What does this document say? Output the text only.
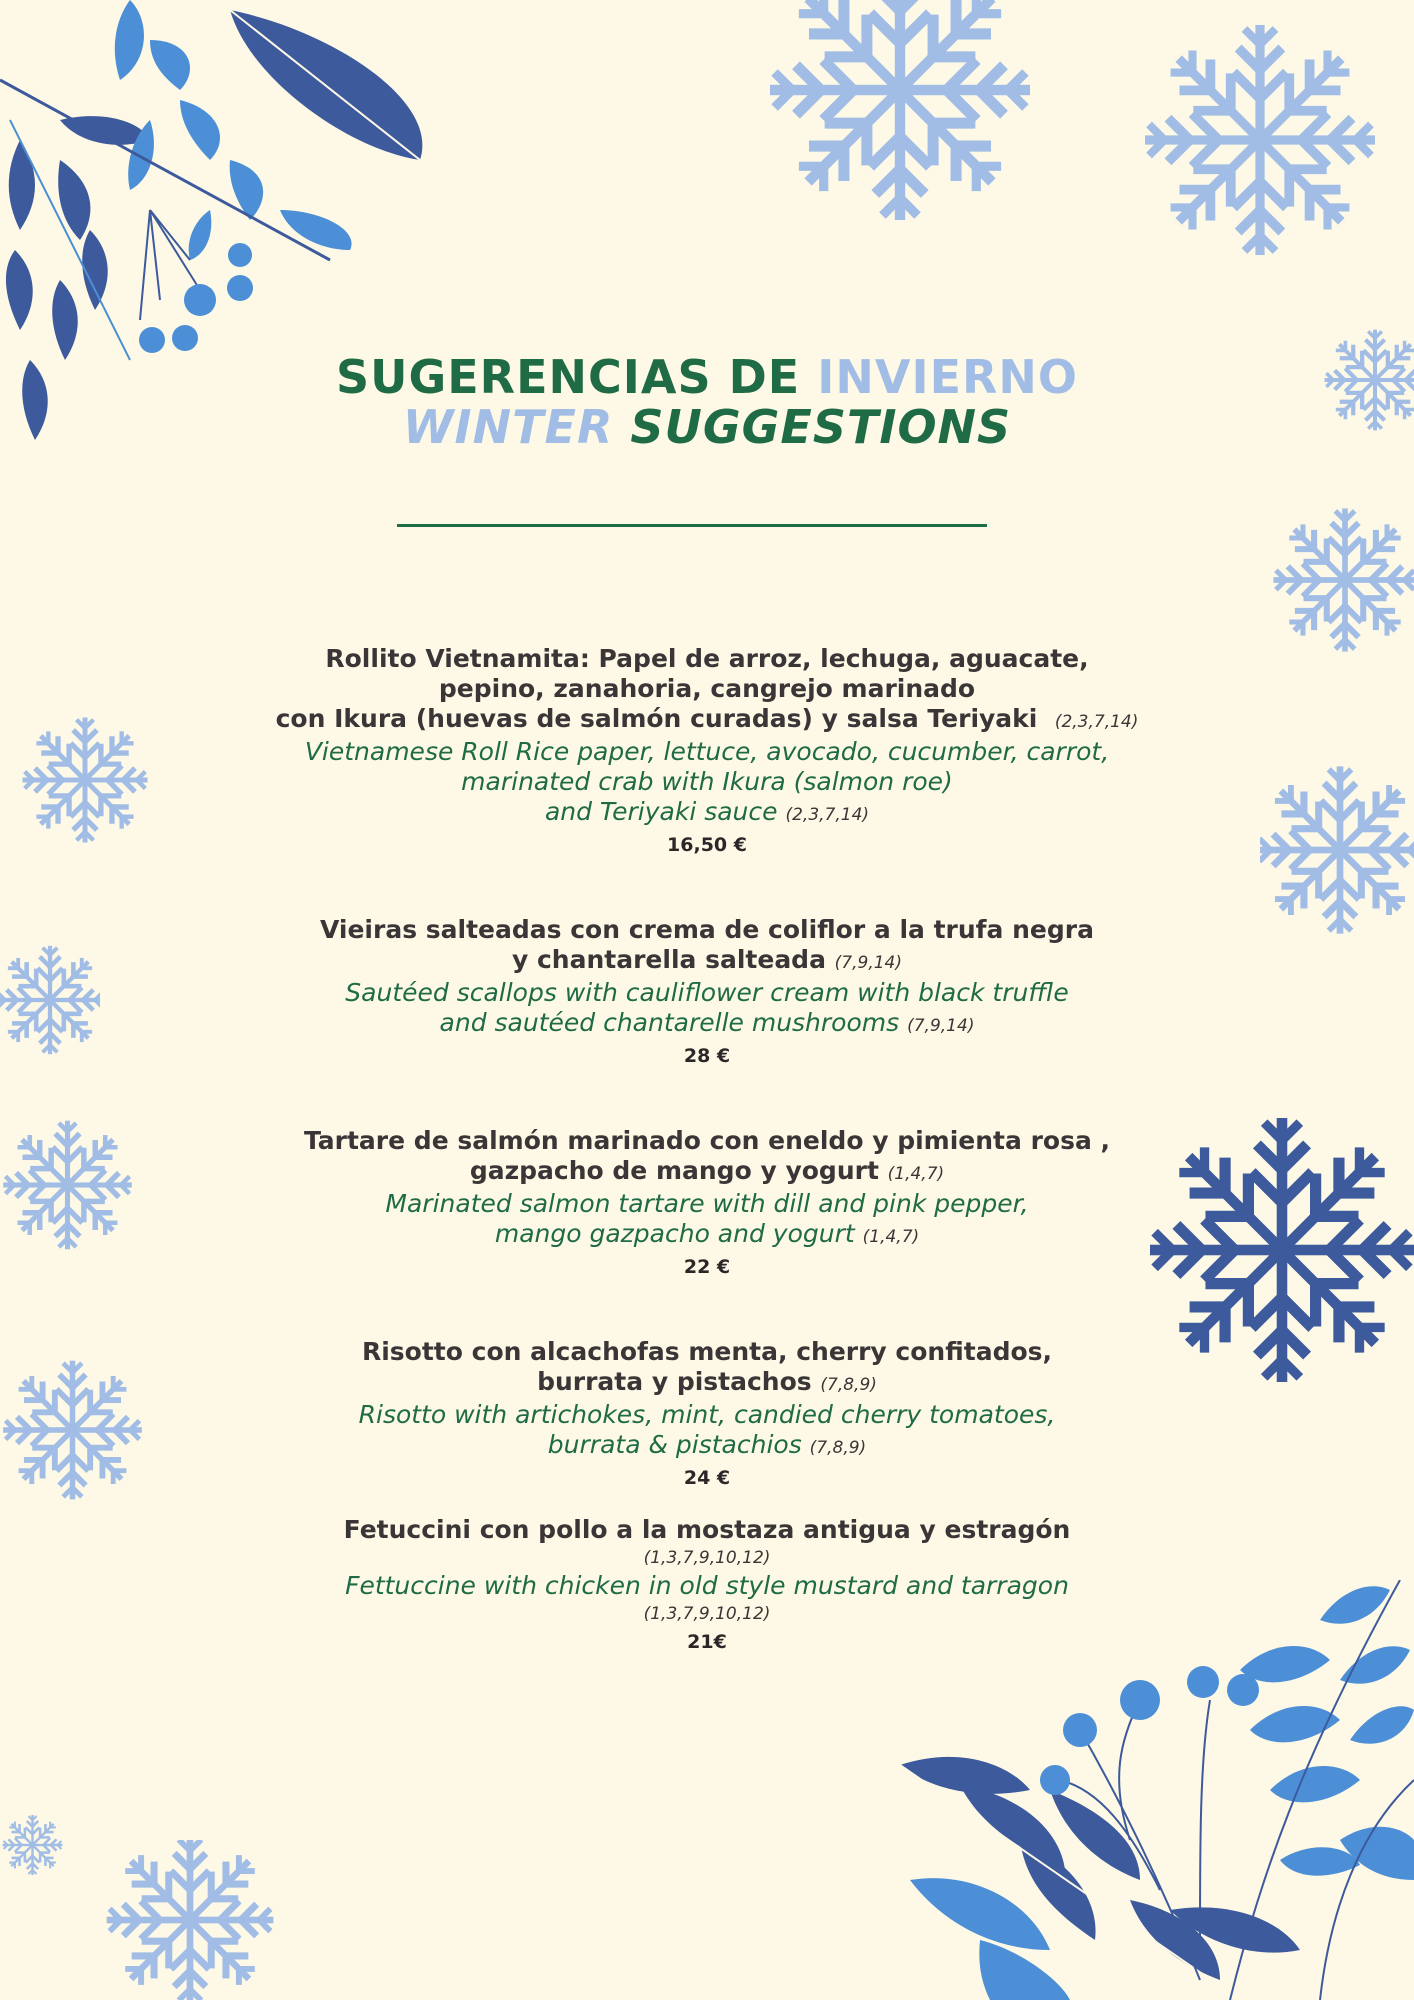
SUGERENCIAS DE INVIERNO
WINTER SUGGESTIONS
Rollito Vietnamita: Papel de arroz, lechuga, aguacate,
pepino, zanahoria, cangrejo marinado
con Ikura (huevas de salmón curadas) y salsa Teriyaki (2,3,7,14)
Vietnamese Roll Rice paper, lettuce, avocado, cucumber, carrot,
marinated crab with Ikura (salmon roe)
and Teriyaki sauce (2,3,7,14)
16,50 €
Vieiras salteadas con crema de coliflor a la trufa negra
y chantarella salteada (7,9,14)
Sautéed scallops with cauliflower cream with black truffle
and sautéed chantarelle mushrooms (7,9,14)
28 €
Tartare de salmón marinado con eneldo y pimienta rosa ,
gazpacho de mango y yogurt (1,4,7)
Marinated salmon tartare with dill and pink pepper,
mango gazpacho and yogurt (1,4,7)
22 €
Risotto con alcachofas menta, cherry confitados,
burrata y pistachos (7,8,9)
Risotto with artichokes, mint, candied cherry tomatoes,
burrata & pistachios (7,8,9)
24 €
Fetuccini con pollo a la mostaza antigua y estragón
(1,3,7,9,10,12)
Fettuccine with chicken in old style mustard and tarragon
(1,3,7,9,10,12)
21€
